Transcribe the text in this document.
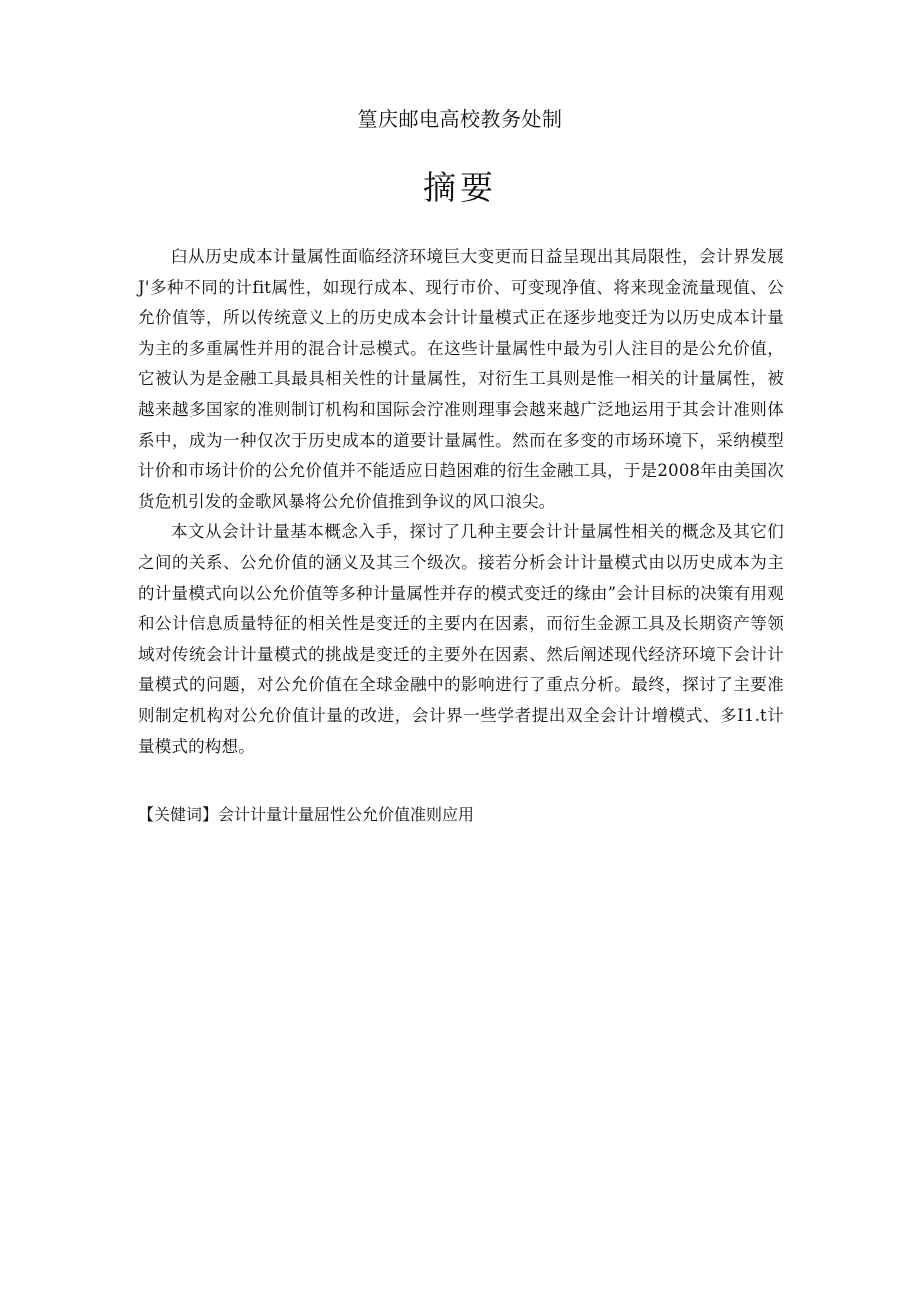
篁庆邮电高校教务处制
摘要

臼从历史成本计量属性面临经济环境巨大变更而日益呈现出其局限性，会计界发展J'多种不同的计fit属性，如现行成本、现行市价、可变现净值、将来现金流量现值、公允价值等，所以传统意义上的历史成本会计计量模式正在逐步地变迁为以历史成本计量为主的多重属性并用的混合计忌模式。在这些计量属性中最为引人注目的是公允价值，它被认为是金融工具最具相关性的计量属性，对衍生工具则是惟一相关的计量属性，被越来越多国家的准则制订机构和国际会泞准则理事会越来越广泛地运用于其会计准则体系中，成为一种仅次于历史成本的道要计量属性。然而在多变的市场环境下，采纳模型计价和市场计价的公允价值并不能适应日趋困难的衍生金融工具，于是2008年由美国次货危机引发的金歌风暴将公允价值推到争议的风口浪尖。

本文从会计计量基本概念入手，探讨了几种主要会计计量属性相关的概念及其它们之间的关系、公允价值的涵义及其三个级次。接若分析会计计量模式由以历史成本为主的计量模式向以公允价值等多种计量属性并存的模式变迁的缘由”会计目标的决策有用观和公计信息质量特征的相关性是变迁的主要内在因素，而衍生金源工具及长期资产等领域对传统会计计量模式的挑战是变迁的主要外在因素、然后阐述现代经济环境下会计计量模式的问题，对公允价值在全球金融中的影响进行了重点分析。最终，探讨了主要准则制定机构对公允价值计量的改进，会计界一些学者提出双全会计计增模式、多I1.t计量模式的构想。

【关健词】会计计量计量屈性公允价值准则应用
